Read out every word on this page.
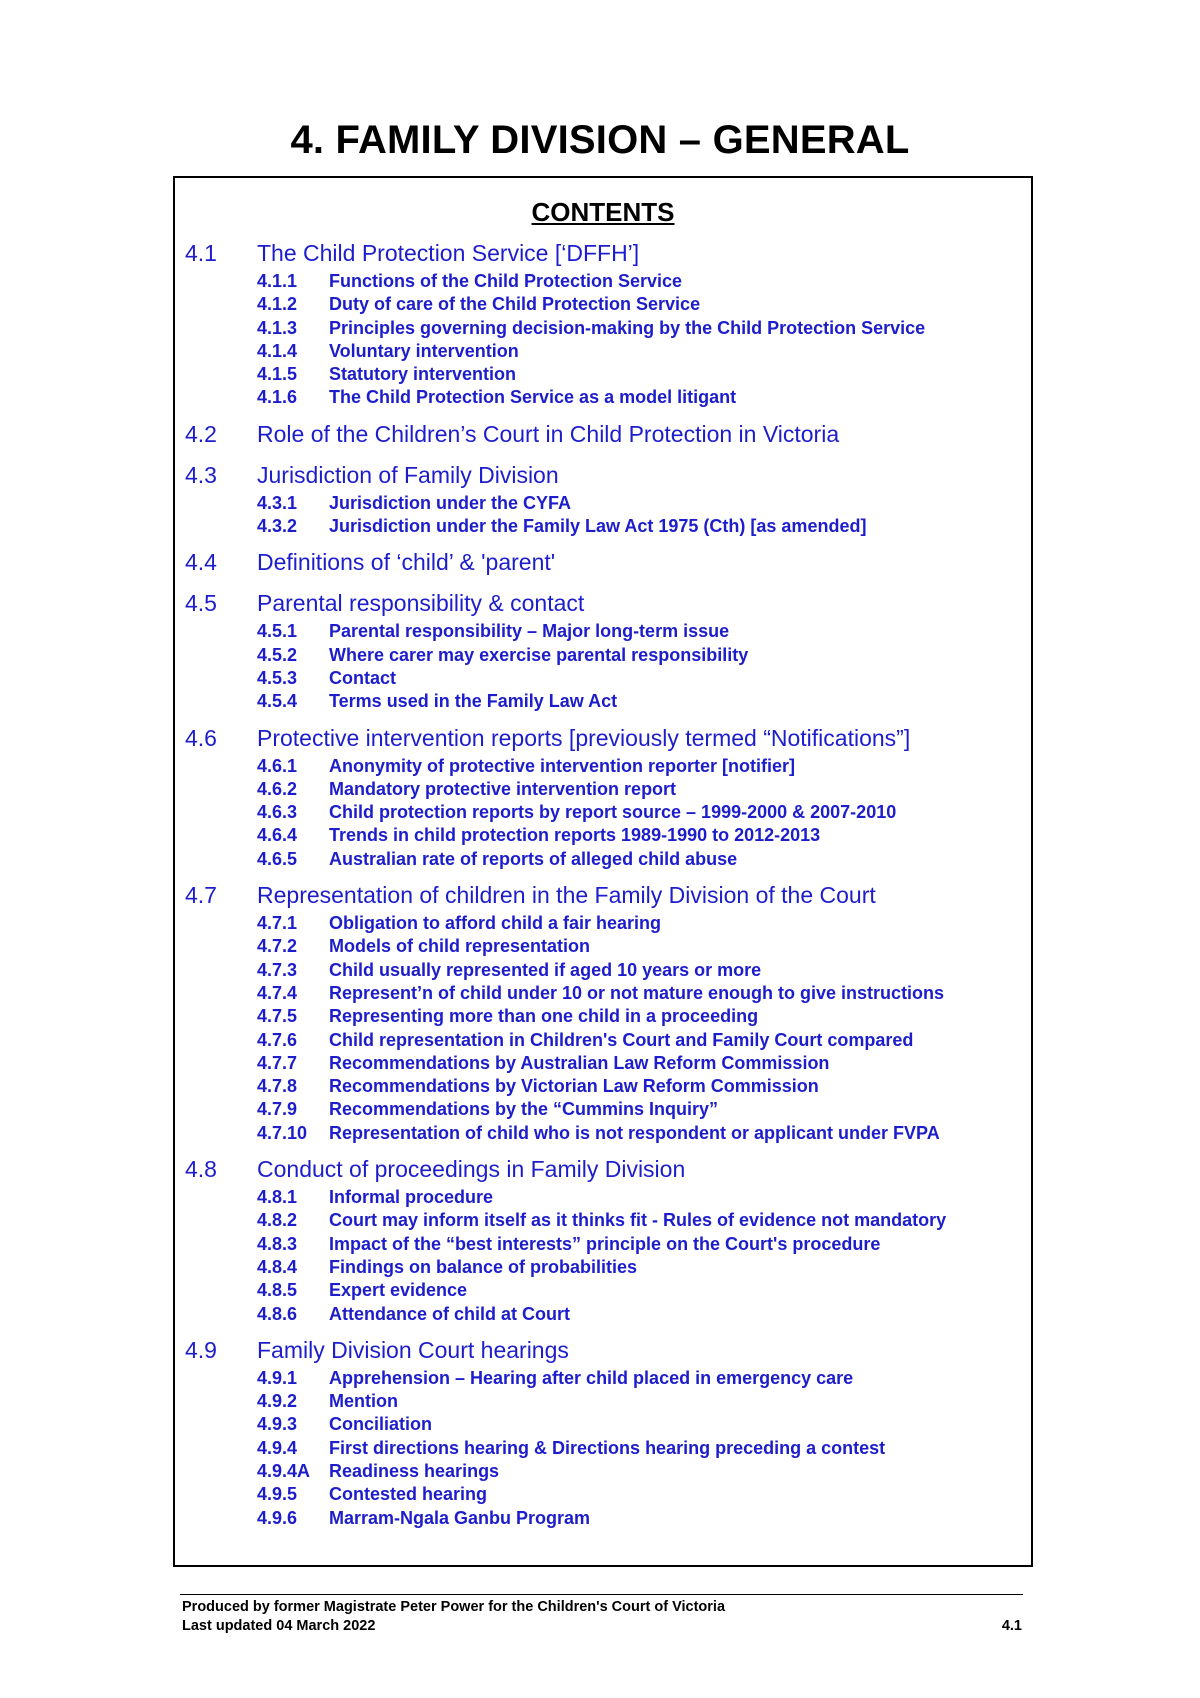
4. FAMILY DIVISION – GENERAL
CONTENTS
4.1	The Child Protection Service [‘DFFH’]
4.1.1	Functions of the Child Protection Service
4.1.2	Duty of care of the Child Protection Service
4.1.3	Principles governing decision-making by the Child Protection Service
4.1.4	Voluntary intervention
4.1.5	Statutory intervention
4.1.6	The Child Protection Service as a model litigant
4.2	Role of the Children’s Court in Child Protection in Victoria
4.3	Jurisdiction of Family Division
4.3.1	Jurisdiction under the CYFA
4.3.2	Jurisdiction under the Family Law Act 1975 (Cth) [as amended]
4.4	Definitions of ‘child’ & 'parent'
4.5	Parental responsibility & contact
4.5.1	Parental responsibility – Major long-term issue
4.5.2	Where carer may exercise parental responsibility
4.5.3	Contact
4.5.4	Terms used in the Family Law Act
4.6	Protective intervention reports [previously termed “Notifications”]
4.6.1	Anonymity of protective intervention reporter [notifier]
4.6.2	Mandatory protective intervention report
4.6.3	Child protection reports by report source – 1999-2000 & 2007-2010
4.6.4	Trends in child protection reports 1989-1990 to 2012-2013
4.6.5	Australian rate of reports of alleged child abuse
4.7	Representation of children in the Family Division of the Court
4.7.1	Obligation to afford child a fair hearing
4.7.2	Models of child representation
4.7.3	Child usually represented if aged 10 years or more
4.7.4	Represent’n of child under 10 or not mature enough to give instructions
4.7.5	Representing more than one child in a proceeding
4.7.6	Child representation in Children's Court and Family Court compared
4.7.7	Recommendations by Australian Law Reform Commission
4.7.8	Recommendations by Victorian Law Reform Commission
4.7.9	Recommendations by the “Cummins Inquiry”
4.7.10	Representation of child who is not respondent or applicant under FVPA
4.8	Conduct of proceedings in Family Division
4.8.1	Informal procedure
4.8.2	Court may inform itself as it thinks fit - Rules of evidence not mandatory
4.8.3	Impact of the “best interests” principle on the Court's procedure
4.8.4	Findings on balance of probabilities
4.8.5	Expert evidence
4.8.6	Attendance of child at Court
4.9	Family Division Court hearings
4.9.1	Apprehension – Hearing after child placed in emergency care
4.9.2	Mention
4.9.3	Conciliation
4.9.4	First directions hearing & Directions hearing preceding a contest
4.9.4A	Readiness hearings
4.9.5	Contested hearing
4.9.6	Marram-Ngala Ganbu Program
Produced by former Magistrate Peter Power for the Children's Court of Victoria
Last updated 04 March 2022	4.1
